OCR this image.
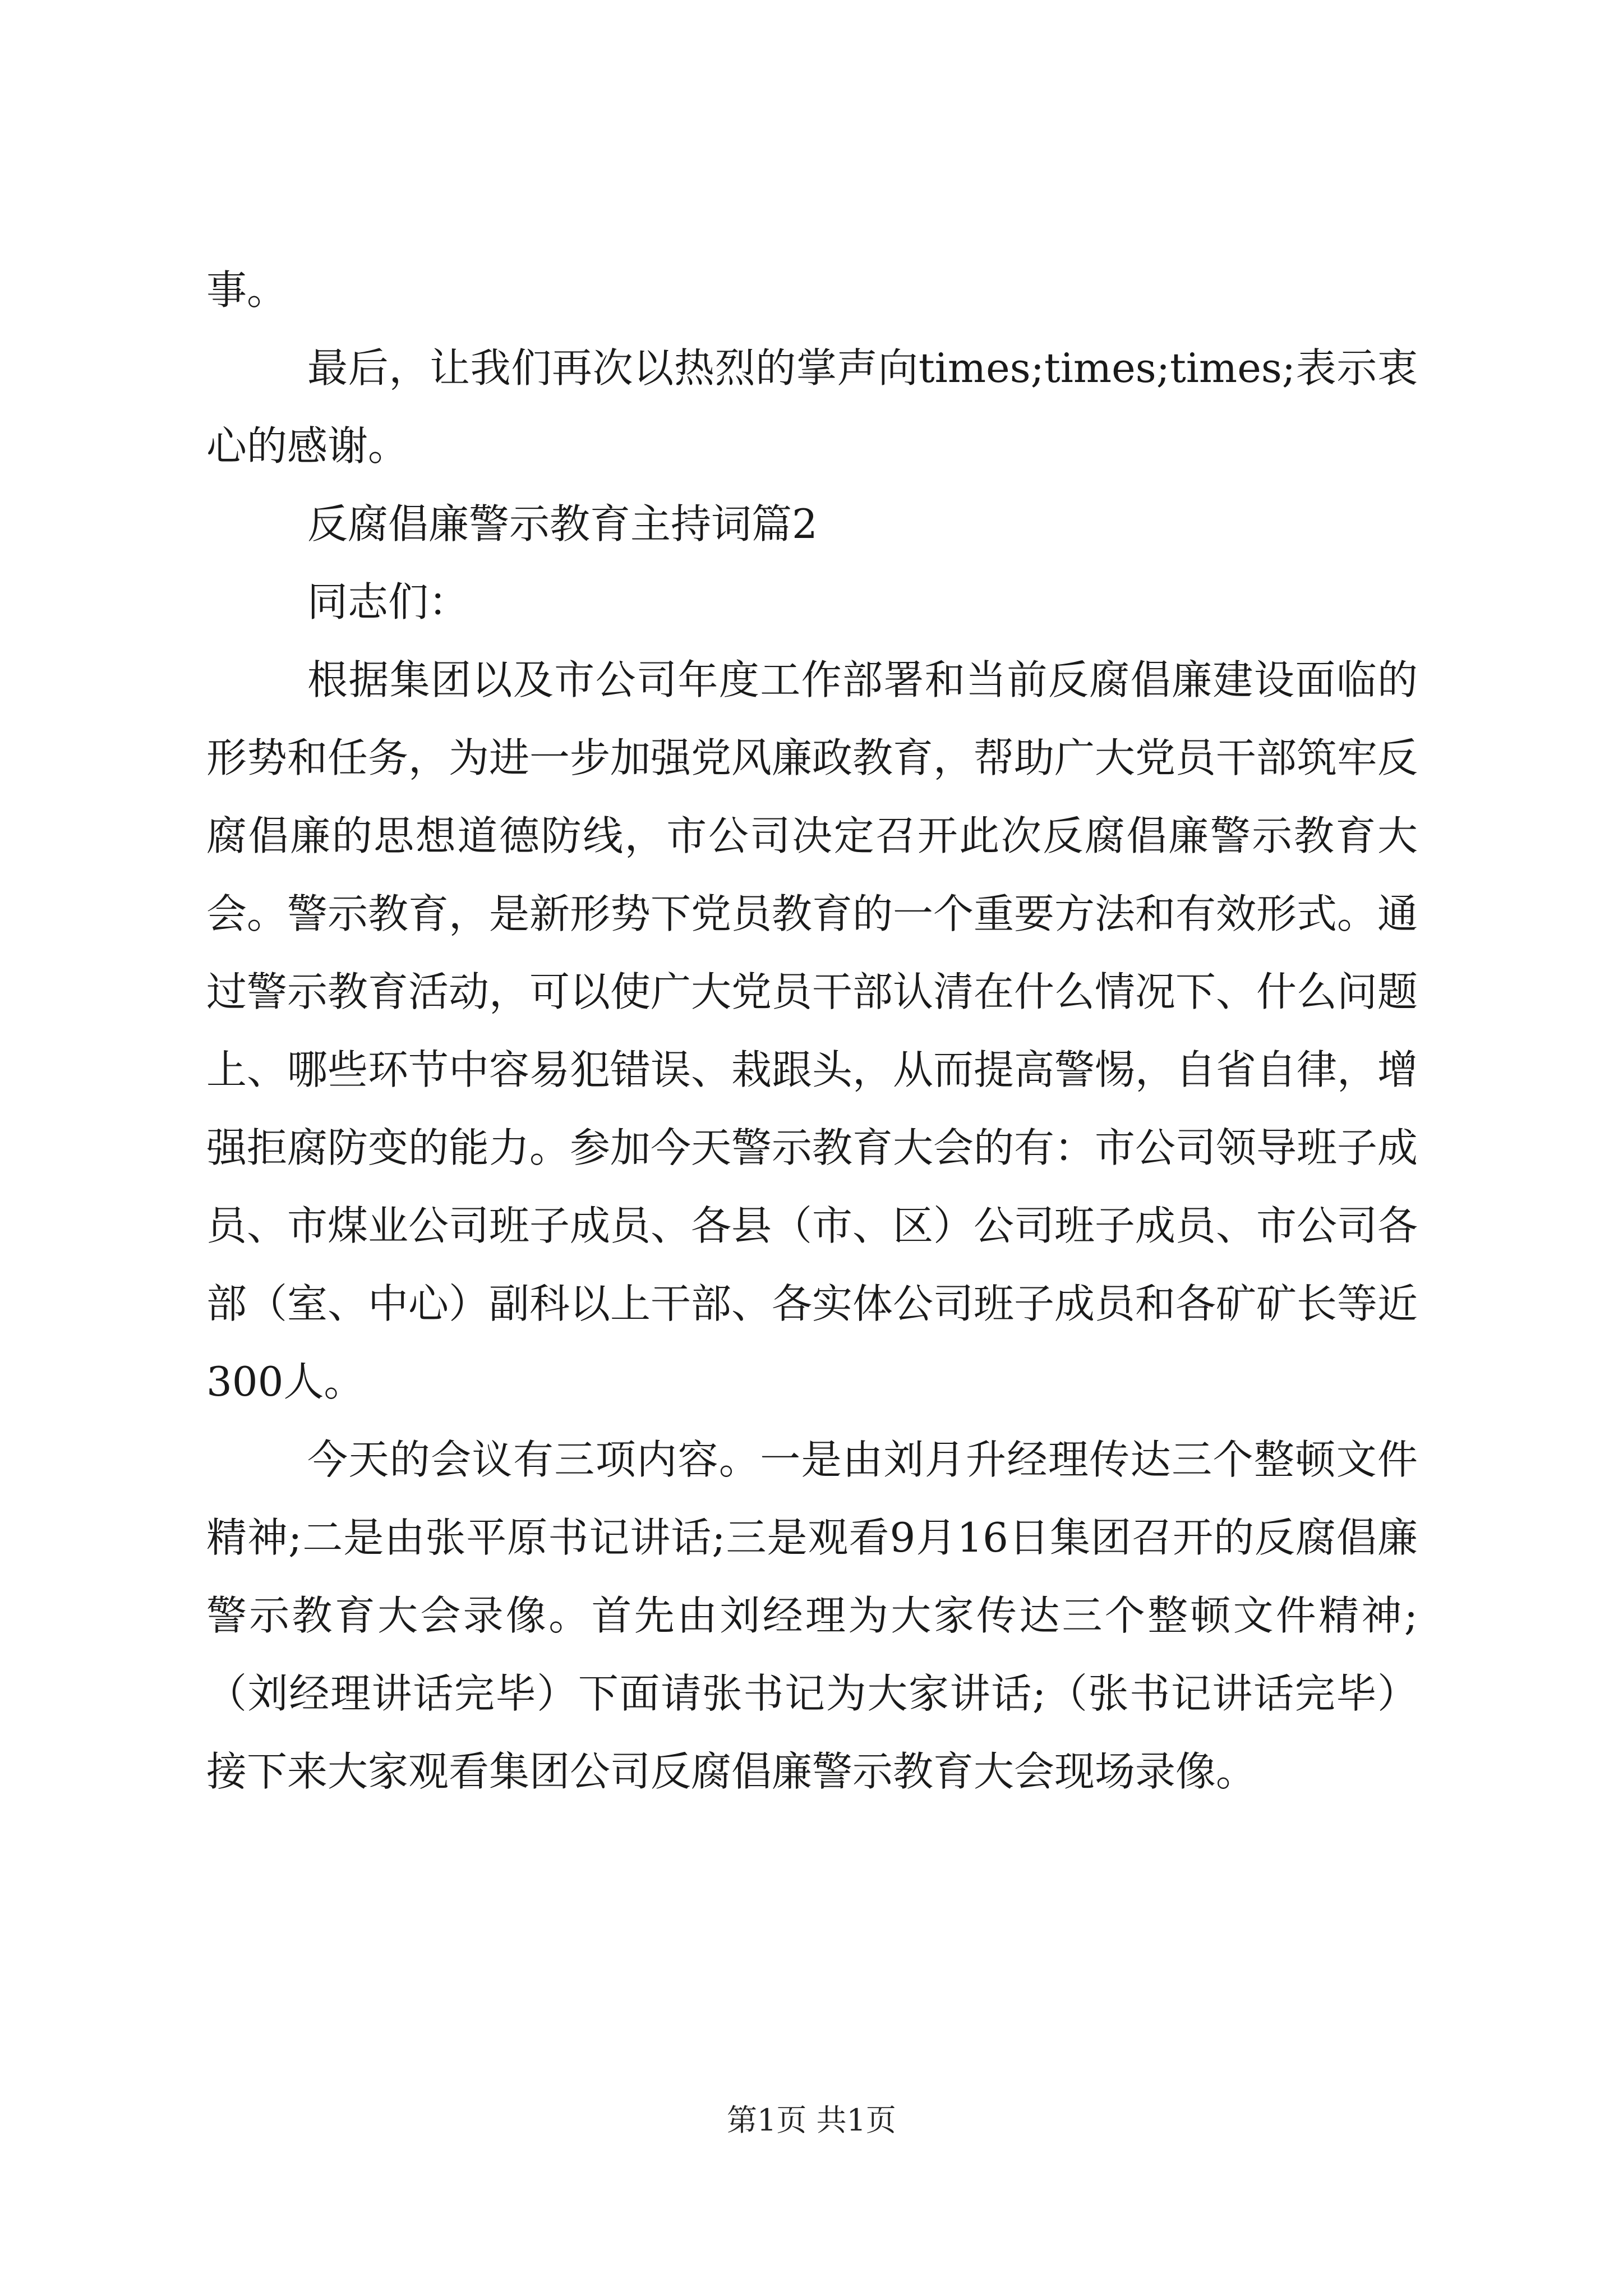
事。

最后，让我们再次以热烈的掌声向times;times;times;表示衷心的感谢。

反腐倡廉警示教育主持词篇2

同志们：

根据集团以及市公司年度工作部署和当前反腐倡廉建设面临的形势和任务，为进一步加强党风廉政教育，帮助广大党员干部筑牢反腐倡廉的思想道德防线，市公司决定召开此次反腐倡廉警示教育大会。警示教育，是新形势下党员教育的一个重要方法和有效形式。通过警示教育活动，可以使广大党员干部认清在什么情况下、什么问题上、哪些环节中容易犯错误、栽跟头，从而提高警惕，自省自律，增强拒腐防变的能力。参加今天警示教育大会的有：市公司领导班子成员、市煤业公司班子成员、各县（市、区）公司班子成员、市公司各部（室、中心）副科以上干部、各实体公司班子成员和各矿矿长等近300人。

今天的会议有三项内容。一是由刘月升经理传达三个整顿文件精神;二是由张平原书记讲话;三是观看9月16日集团召开的反腐倡廉警示教育大会录像。首先由刘经理为大家传达三个整顿文件精神;（刘经理讲话完毕）下面请张书记为大家讲话;（张书记讲话完毕）接下来大家观看集团公司反腐倡廉警示教育大会现场录像。

第1页 共1页
